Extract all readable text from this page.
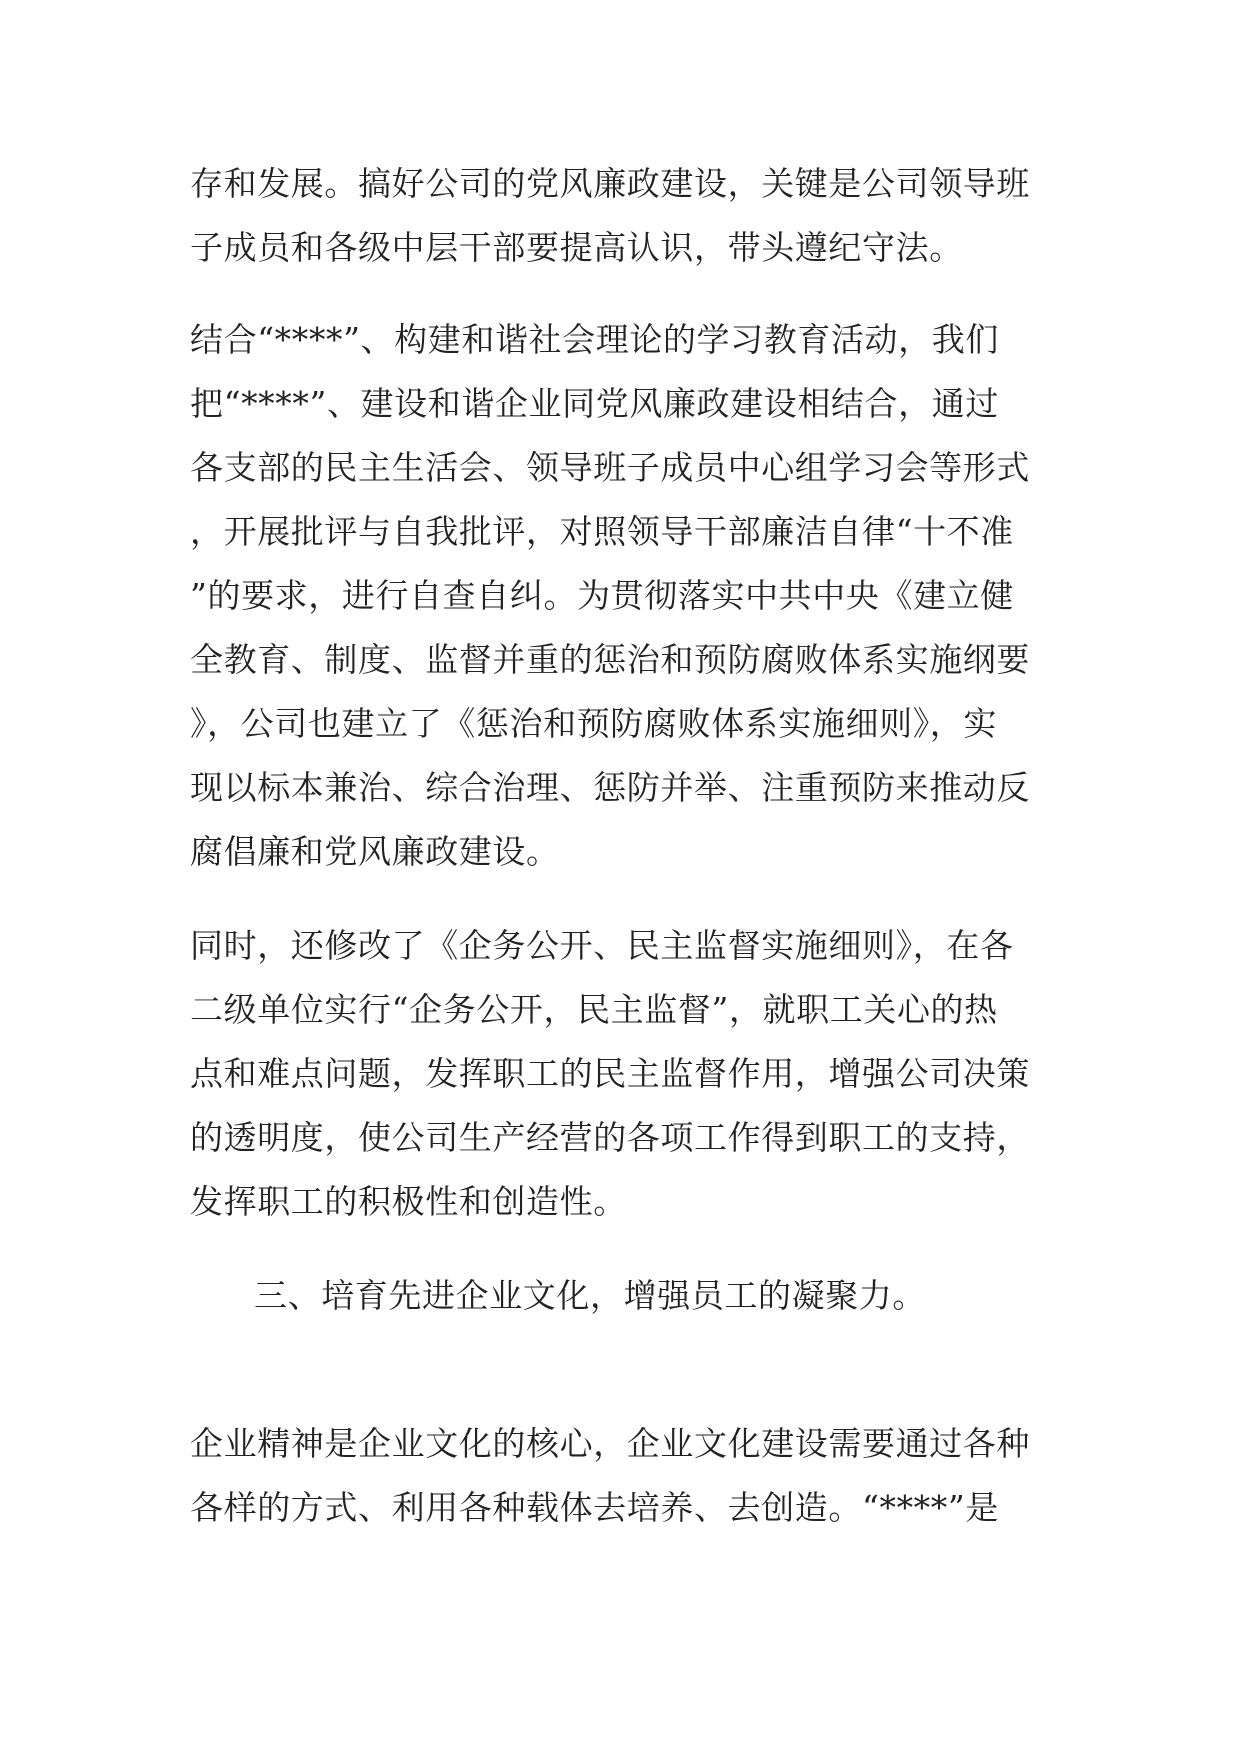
存和发展。搞好公司的党风廉政建设，关键是公司领导班
子成员和各级中层干部要提高认识，带头遵纪守法。
结合“****”、构建和谐社会理论的学习教育活动，我们
把“****”、建设和谐企业同党风廉政建设相结合，通过
各支部的民主生活会、领导班子成员中心组学习会等形式
，开展批评与自我批评，对照领导干部廉洁自律“十不准
”的要求，进行自查自纠。为贯彻落实中共中央《建立健
全教育、制度、监督并重的惩治和预防腐败体系实施纲要
》，公司也建立了《惩治和预防腐败体系实施细则》，实
现以标本兼治、综合治理、惩防并举、注重预防来推动反
腐倡廉和党风廉政建设。
同时，还修改了《企务公开、民主监督实施细则》，在各
二级单位实行“企务公开，民主监督”，就职工关心的热
点和难点问题，发挥职工的民主监督作用，增强公司决策
的透明度，使公司生产经营的各项工作得到职工的支持，
发挥职工的积极性和创造性。
三、培育先进企业文化，增强员工的凝聚力。
企业精神是企业文化的核心，企业文化建设需要通过各种
各样的方式、利用各种载体去培养、去创造。“****”是
